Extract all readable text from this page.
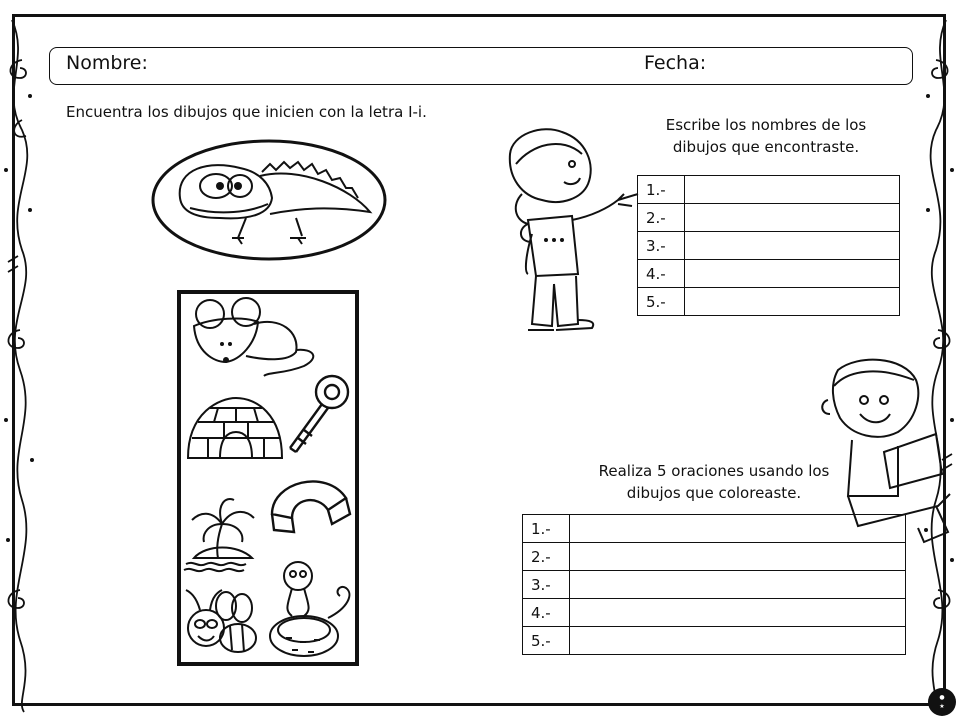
Nombre:	Fecha:
Encuentra los dibujos que inicien con la letra I-i.
Escribe los nombres de los
dibujos que encontraste.
1.-	
2.-	
3.-	
4.-	
5.-	
Realiza 5 oraciones usando los
dibujos que coloreaste.
1.-	
2.-	
3.-	
4.-	
5.-	
●
★
